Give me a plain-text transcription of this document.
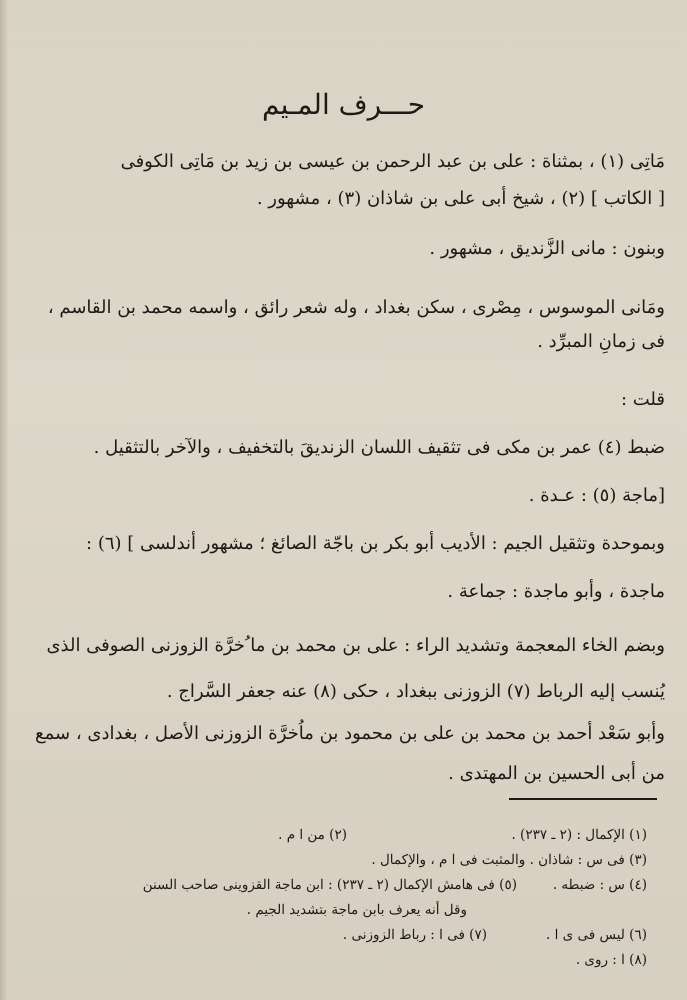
حـــرف المـيم
مَاتِى (١) ، بمثناة : على بن عبد الرحمن بن عيسى بن زيد بن مَاتِى الكوفى
[ الكاتب ] (٢) ، شيخ أبى على بن شاذان (٣) ، مشهور .
وبنون : مانى الزَّنديق ، مشهور .
ومَانى الموسوس ، مِصْرى ، سكن بغداد ، وله شعر رائق ، واسمه محمد بن القاسم ،
فى زمانِ المبرِّد .
قلت :
ضبط (٤) عمر بن مكى فى تثقيف اللسان الزنديقَ بالتخفيف ، والآخر بالتثقيل .
[ماجة (٥) : عـدة .
وبموحدة وتثقيل الجيم : الأديب أبو بكر بن باجّة الصائغ ؛ مشهور أندلسى ] (٦) :
ماجدة ، وأبو ماجدة : جماعة .
وبضم الخاء المعجمة وتشديد الراء : على بن محمد بن ما ُخرَّة الزوزنى الصوفى الذى
يُنسب إليه الرباط (٧) الزوزنى ببغداد ، حكى (٨) عنه جعفر السَّراج .
وأبو سَعْد أحمد بن محمد بن على بن محمود بن ماُخرَّة الزوزنى الأصل ، بغدادى ، سمع
من أبى الحسين بن المهتدى .
(١) الإكمال : (٢ ـ ٢٣٧) .
(٢) من ا م .
(٣) فى س : شاذان . والمثبت فى ا م ، والإكمال .
(٤) س : ضبطه .
(٥) فى هامش الإكمال (٢ ـ ٢٣٧) : ابن ماجة القزوينى صاحب السنن
وقل أنه يعرف بابن ماجة بتشديد الجيم .
(٦) ليس فى ى ا .
(٧) فى ا : رباط الزوزنى .
(٨) ا : روى .
